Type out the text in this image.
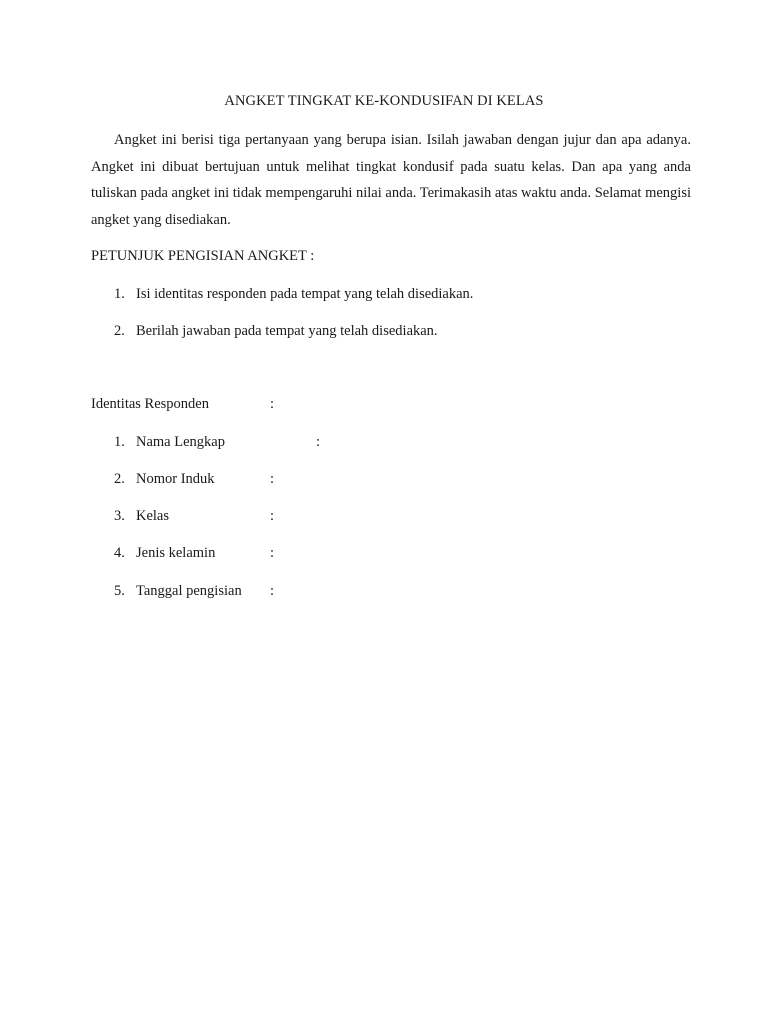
ANGKET TINGKAT KE-KONDUSIFAN DI KELAS

Angket ini berisi tiga pertanyaan yang berupa isian. Isilah jawaban dengan jujur dan apa adanya. Angket ini dibuat bertujuan untuk melihat tingkat kondusif pada suatu kelas. Dan apa yang anda tuliskan pada angket ini tidak mempengaruhi nilai anda. Terimakasih atas waktu anda. Selamat mengisi angket yang disediakan.

PETUNJUK PENGISIAN ANGKET :
1. Isi identitas responden pada tempat yang telah disediakan.
2. Berilah jawaban pada tempat yang telah disediakan.
Identitas Responden	:
1. Nama Lengkap	:
2. Nomor Induk	:
3. Kelas	:
4. Jenis kelamin	:
5. Tanggal pengisian :
